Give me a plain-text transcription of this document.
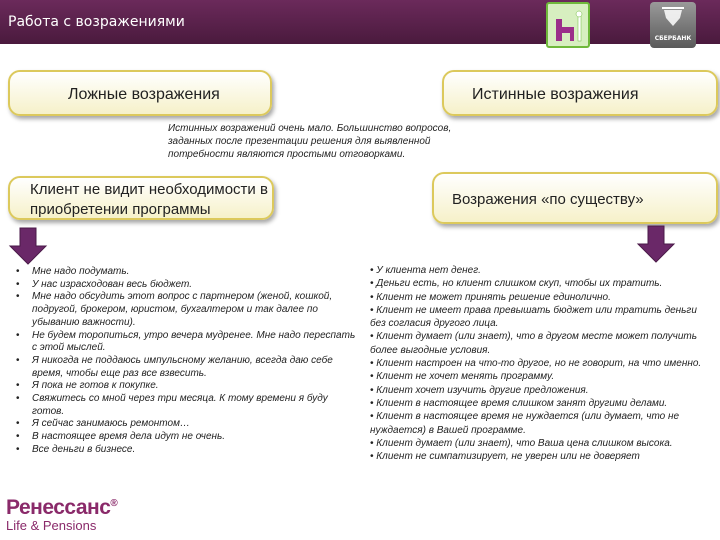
Работа с возражениями
СБЕРБАНК
Ложные возражения	Истинные возражения
Истинных возражений очень мало. Большинство вопросов, заданных после презентации решения для выявленной потребности являются простыми отговорками.
Клиент не видит необходимости в приобретении программы
Возражения «по существу»
• Мне надо подумать.
• У нас израсходован весь бюджет.
• Мне надо обсудить этот вопрос с партнером (женой, кошкой, подругой, брокером, юристом, бухгалтером и так далее по убыванию важности).
• Не будем торопиться, утро вечера мудренее. Мне надо переспать с этой мыслей.
• Я никогда не поддаюсь импульсному желанию, всегда даю себе время, чтобы еще раз все взвесить.
• Я пока не готов к покупке.
• Свяжитесь со мной через три месяца. К тому времени я буду готов.
• Я сейчас занимаюсь ремонтом…
• В настоящее время дела идут не очень.
• Все деньги в бизнесе.
• У клиента нет денег.
• Деньги есть, но клиент слишком скуп, чтобы их тратить.
• Клиент не может принять решение единолично.
• Клиент не имеет права превышать бюджет или тратить деньги без согласия другого лица.
• Клиент думает (или знает), что в другом месте может получить более выгодные условия.
• Клиент настроен на что-то другое, но не говорит, на что именно.
• Клиент не хочет менять программу.
• Клиент хочет изучить другие предложения.
• Клиент в настоящее время слишком занят другими делами.
• Клиент в настоящее время не нуждается (или думает, что не нуждается) в Вашей программе.
• Клиент думает (или знает), что Ваша цена слишком высока.
• Клиент не симпатизирует, не уверен или не доверяет
Ренессанс®
Life & Pensions
